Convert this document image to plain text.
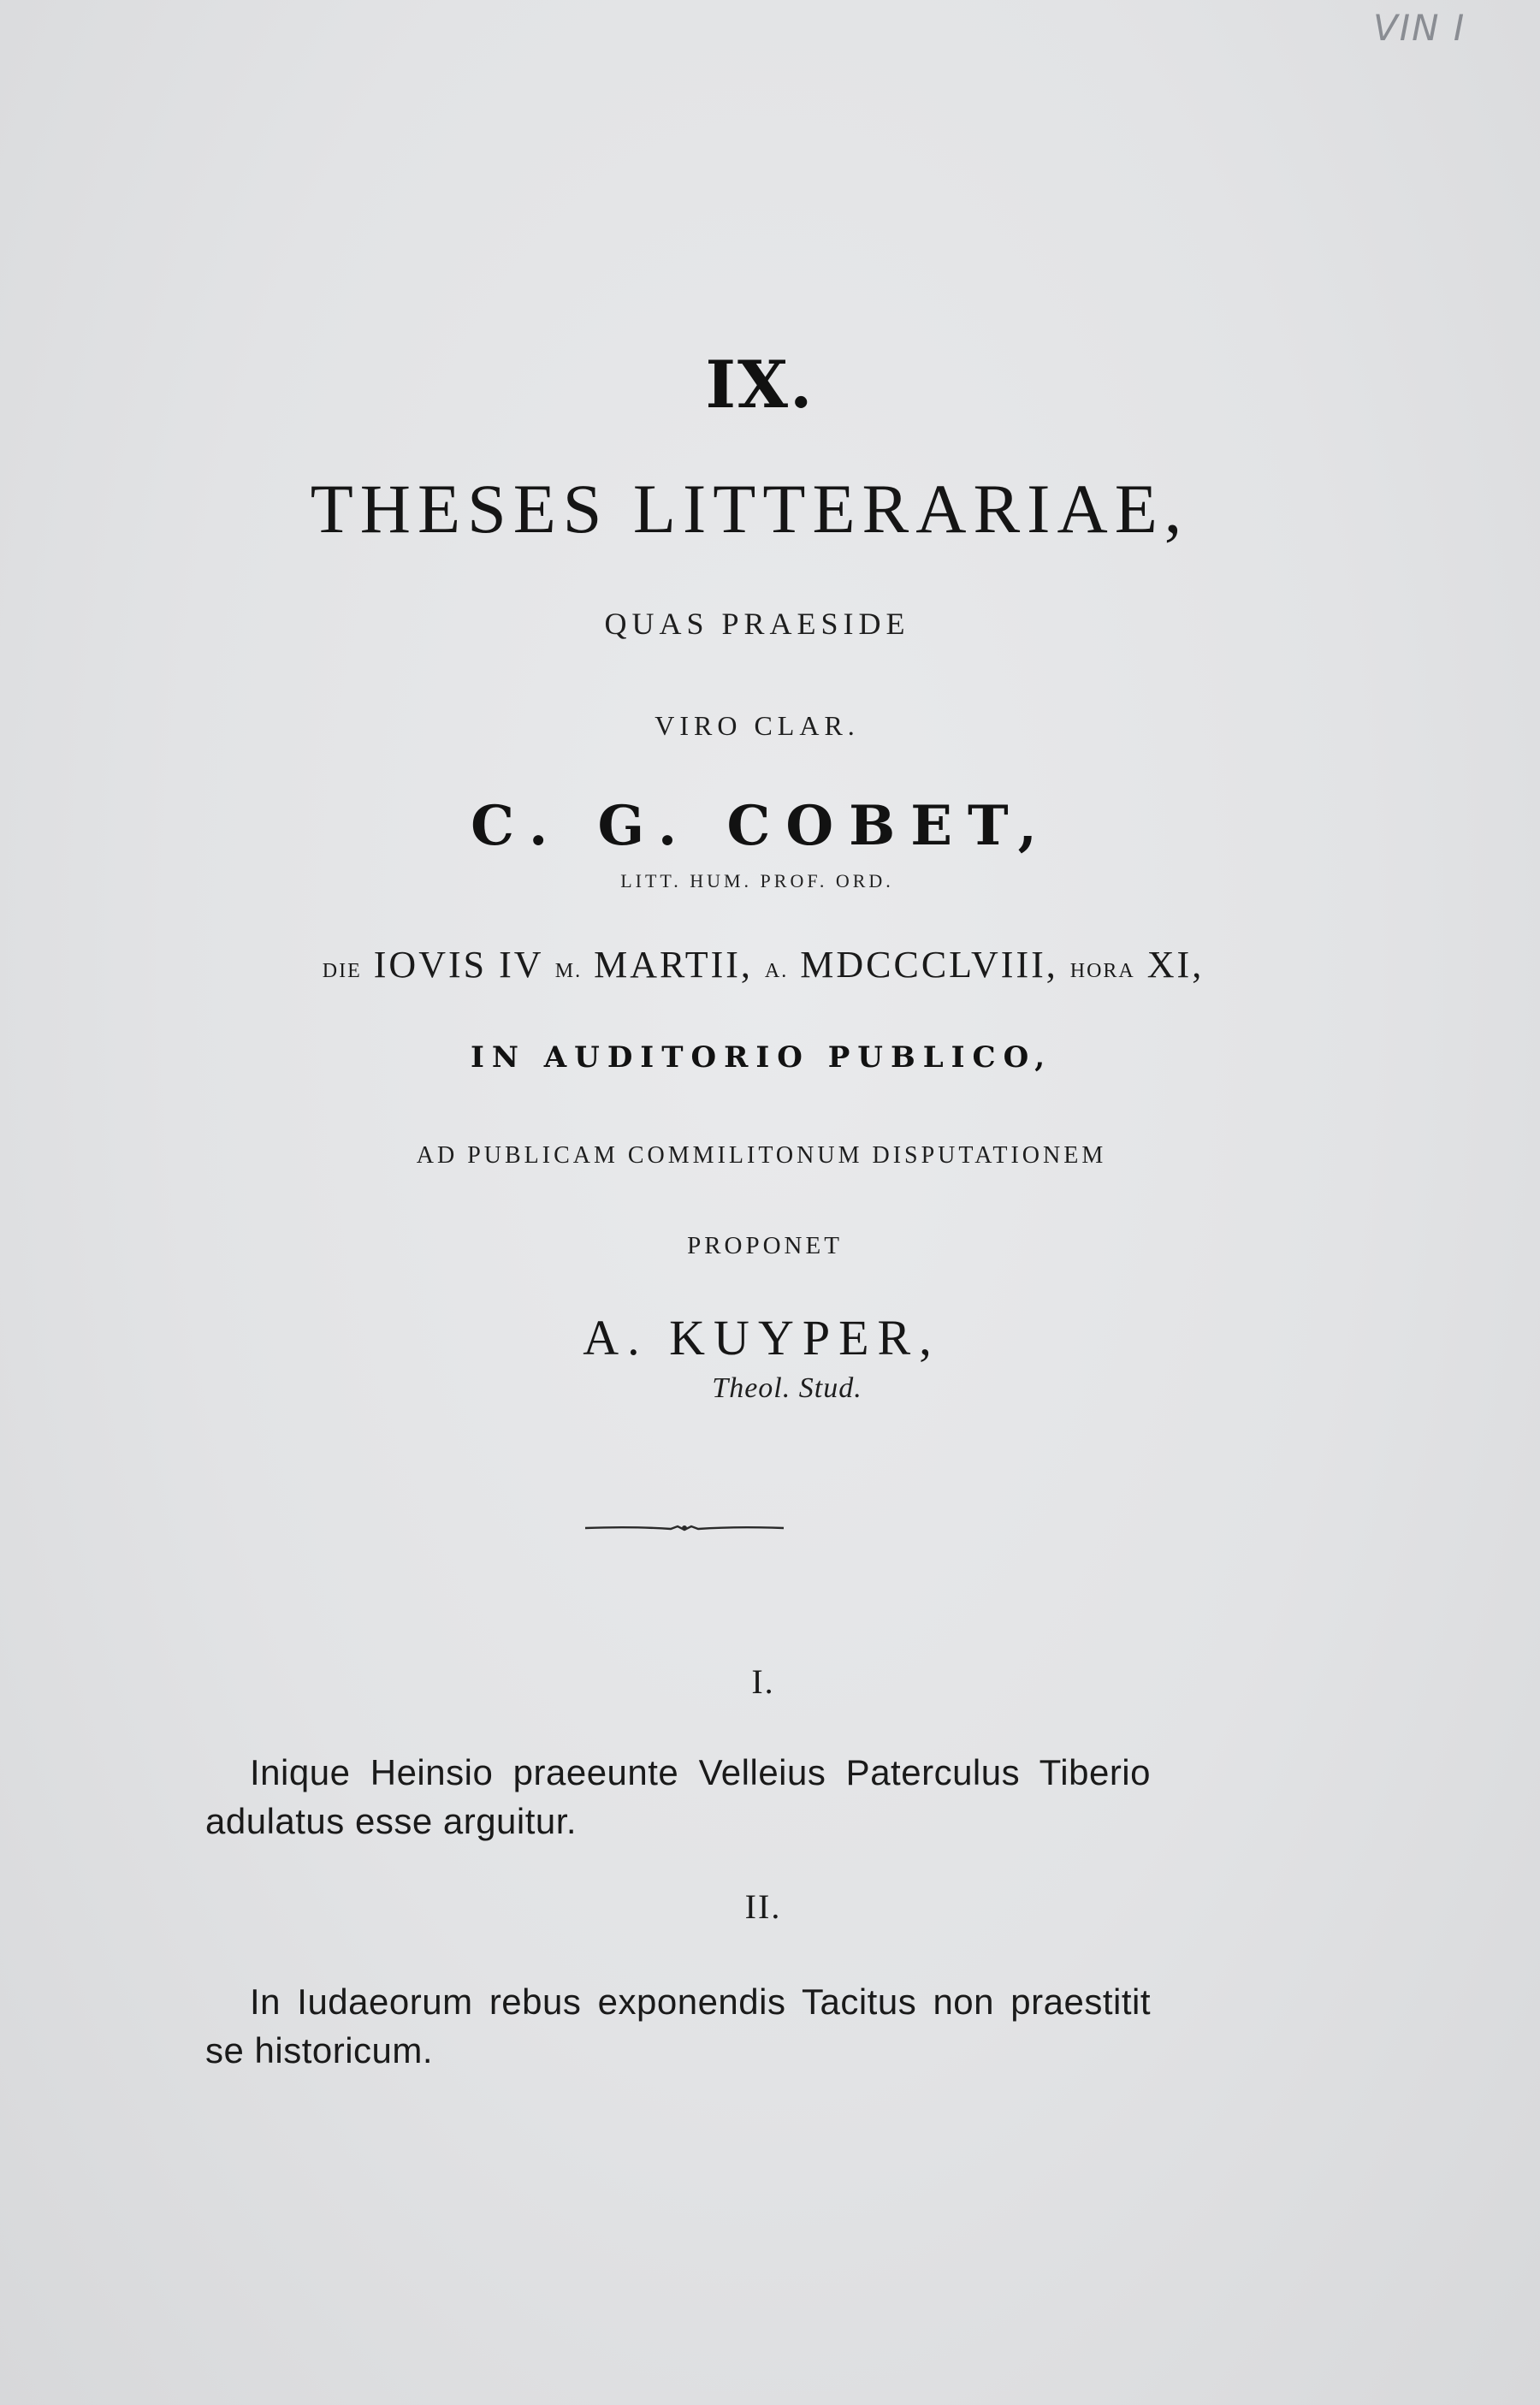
VIN I
IX.
THESES LITTERARIAE,
QUAS PRAESIDE
VIRO CLAR.
C. G. COBET,
LITT. HUM. PROF. ORD.
DIE IOVIS IV M. MARTII, A. MDCCCLVIII, HORA XI,
IN AUDITORIO PUBLICO,
AD PUBLICAM COMMILITONUM DISPUTATIONEM
PROPONET
A. KUYPER,
Theol. Stud.
I.
Inique Heinsio praeeunte Velleius Paterculus Tiberio adulatus esse arguitur.
II.
In Iudaeorum rebus exponendis Tacitus non praestitit se historicum.
